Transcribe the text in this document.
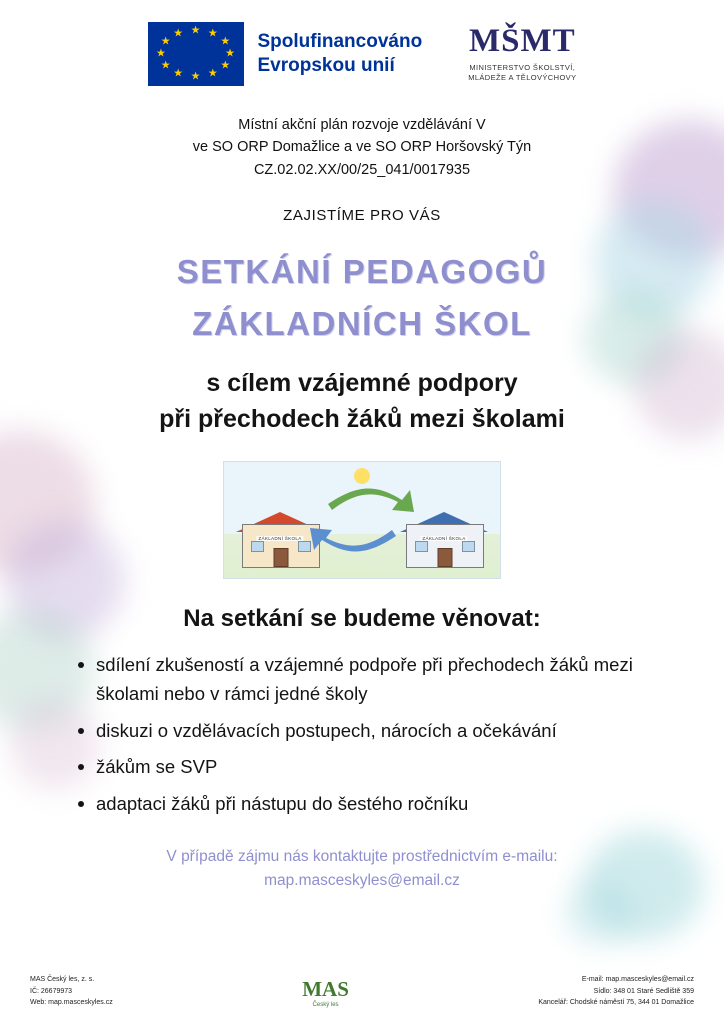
★ ★
★
★
★
★
★
★
★
★
★
★	Spolufinancováno
Evropskou unií
MŠMT
MINISTERSTVO ŠKOLSTVÍ,
MLÁDEŽE A TĚLOVÝCHOVY
Místní akční plán rozvoje vzdělávání V
ve SO ORP Domažlice a ve SO ORP Horšovský Týn
CZ.02.02.XX/00/25_041/0017935
ZAJISTÍME PRO VÁS
SETKÁNÍ PEDAGOGŮ
ZÁKLADNÍCH ŠKOL
s cílem vzájemné podpory
při přechodech žáků mezi školami
ZÁKLADNÍ ŠKOLA	ZÁKLADNÍ ŠKOLA
Na setkání se budeme věnovat:
sdílení zkušeností a vzájemné podpoře při přechodech žáků mezi školami nebo v rámci jedné školy
diskuzi o vzdělávacích postupech, nárocích a očekávání
žákům se SVP
adaptaci žáků při nástupu do šestého ročníku
V případě zájmu nás kontaktujte prostřednictvím e-mailu:
map.masceskyles@email.cz
MAS Český les, z. s.
IČ: 26679973
Web: map.masceskyles.cz
MAS
Český les
E-mail: map.masceskyles@email.cz
Sídlo: 348 01 Staré Sedliště 359
Kancelář: Chodské náměstí 75, 344 01 Domažlice
